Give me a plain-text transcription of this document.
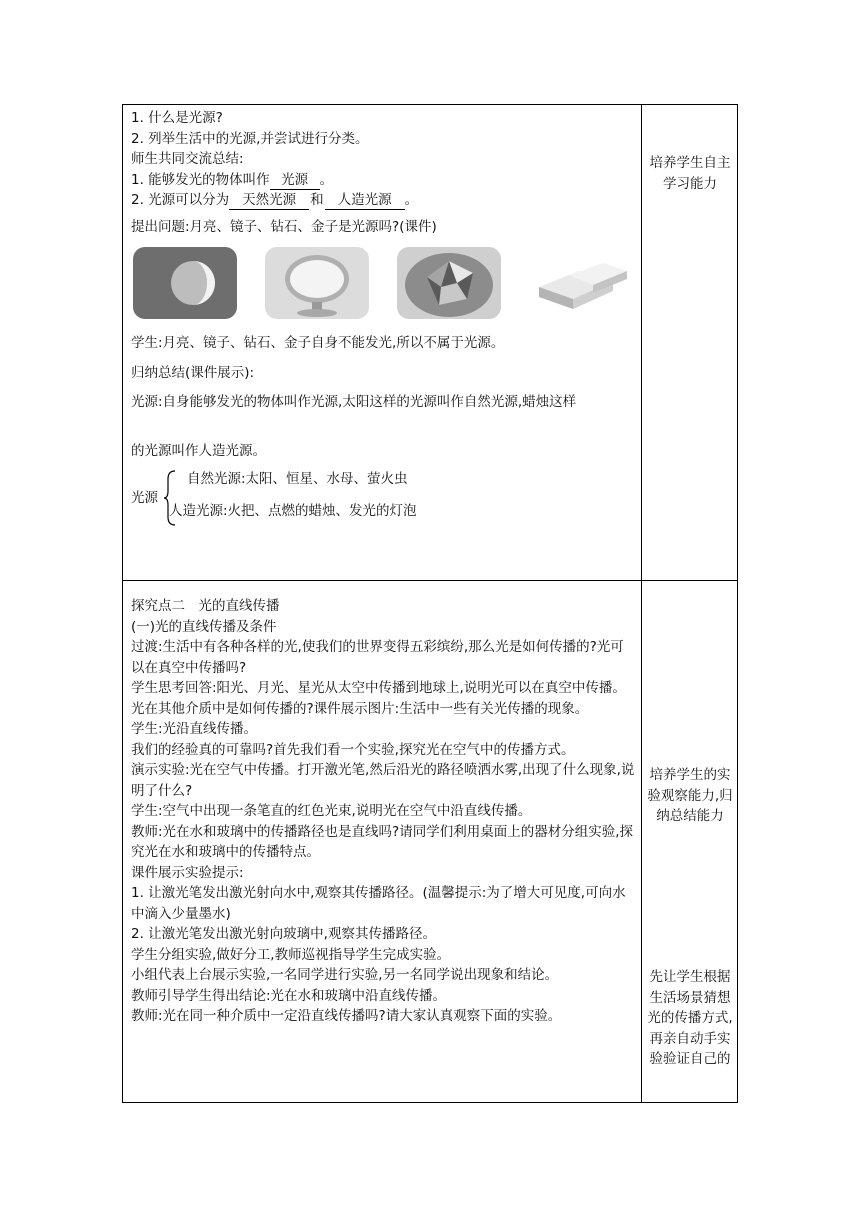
1. 什么是光源?
2. 列举生活中的光源,并尝试进行分类。
师生共同交流总结:
1. 能够发光的物体叫作 光源 。
2. 光源可以分为 天然光源 和 人造光源 。
提出问题:月亮、镜子、钻石、金子是光源吗?(课件)
学生:月亮、镜子、钻石、金子自身不能发光,所以不属于光源。
归纳总结(课件展示):
光源:自身能够发光的物体叫作光源,太阳这样的光源叫作自然光源,蜡烛这样
的光源叫作人造光源。
光源
自然光源:太阳、恒星、水母、萤火虫
人造光源:火把、点燃的蜡烛、发光的灯泡
探究点二　光的直线传播
(一)光的直线传播及条件
过渡:生活中有各种各样的光,使我们的世界变得五彩缤纷,那么光是如何传播的?光可以在真空中传播吗?
学生思考回答:阳光、月光、星光从太空中传播到地球上,说明光可以在真空中传播。
光在其他介质中是如何传播的?课件展示图片:生活中一些有关光传播的现象。
学生:光沿直线传播。
我们的经验真的可靠吗?首先我们看一个实验,探究光在空气中的传播方式。
演示实验:光在空气中传播。打开激光笔,然后沿光的路径喷洒水雾,出现了什么现象,说明了什么?
学生:空气中出现一条笔直的红色光束,说明光在空气中沿直线传播。
教师:光在水和玻璃中的传播路径也是直线吗?请同学们利用桌面上的器材分组实验,探究光在水和玻璃中的传播特点。
课件展示实验提示:
1. 让激光笔发出激光射向水中,观察其传播路径。(温馨提示:为了增大可见度,可向水中滴入少量墨水)
2. 让激光笔发出激光射向玻璃中,观察其传播路径。
学生分组实验,做好分工,教师巡视指导学生完成实验。
小组代表上台展示实验,一名同学进行实验,另一名同学说出现象和结论。
教师引导学生得出结论:光在水和玻璃中沿直线传播。
教师:光在同一种介质中一定沿直线传播吗?请大家认真观察下面的实验。
培养学生自主学习能力
培养学生的实验观察能力,归纳总结能力
先让学生根据生活场景猜想光的传播方式,再亲自动手实验验证自己的
